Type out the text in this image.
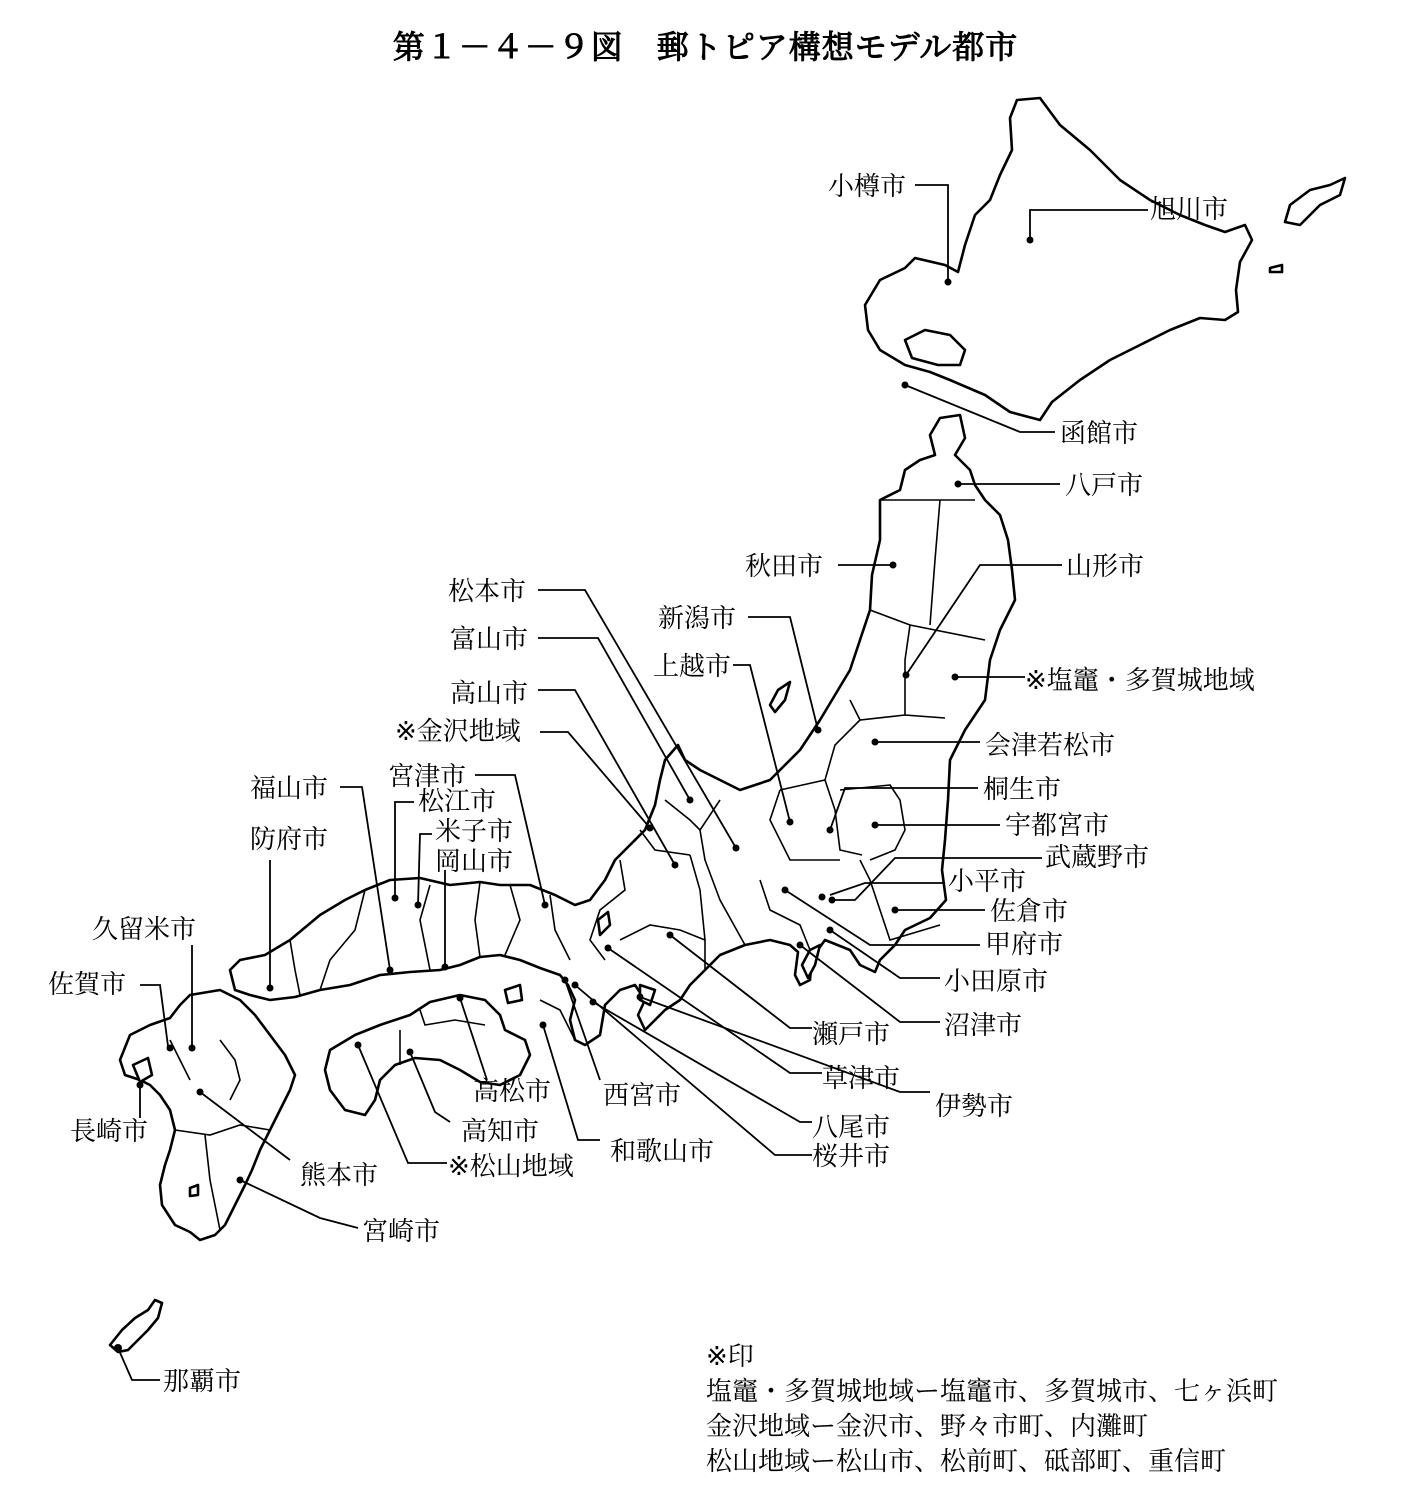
第１－４－９図　郵トピア構想モデル都市
小樽市
旭川市
函館市
八戸市
秋田市	山形市
松本市
新潟市
富山市
上越市	※塩竈・多賀城地域
高山市
※金沢地域	会津若松市
宮津市
福山市	松江市	桐生市
宇都宮市
防府市	米子市
岡山市	武蔵野市
小平市
佐倉市
久留米市	甲府市
佐賀市	小田原市
沼津市
瀬戸市
長崎市
草津市
高松市 西宮市	伊勢市
高知市	八尾市
熊本市
和歌山市
※松山地域	桜井市
宮崎市
那覇市
※印
塩竈・多賀城地域ー塩竈市、多賀城市、七ヶ浜町
金沢地域ー金沢市、野々市町、内灘町
松山地域ー松山市、松前町、砥部町、重信町
